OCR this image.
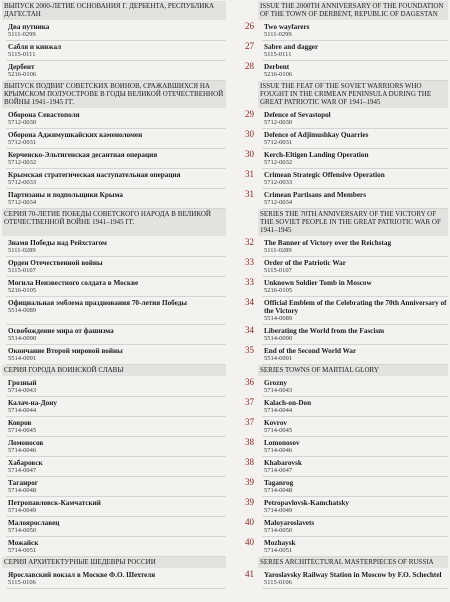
ВЫПУСК 2000-ЛЕТИЕ ОСНОВАНИЯ Г. ДЕРБЕНТА, РЕСПУБЛИКА ДАГЕСТАН
Два путника
5111-0299
Сабля и кинжал
5115-0111
Дербент
5216-0106
ВЫПУСК ПОДВИГ СОВЕТСКИХ ВОИНОВ, СРАЖАВШИХСЯ НА КРЫМСКОМ ПОЛУОСТРОВЕ В ГОДЫ ВЕЛИКОЙ ОТЕЧЕСТВЕННОЙ ВОЙНЫ 1941–1945 ГГ.
Оборона Севастополя
5712-0030
Оборона Аджимушкайских каменоломен
5712-0031
Керченско-Эльтигенская десантная операция
5712-0032
Крымская стратегическая наступательная операция
5712-0033
Партизаны и подпольщики Крыма
5712-0034
СЕРИЯ 70-ЛЕТИЕ ПОБЕДЫ СОВЕТСКОГО НАРОДА В ВЕЛИКОЙ ОТЕЧЕСТВЕННОЙ ВОЙНЕ 1941–1945 ГГ.
Знамя Победы над Рейхстагом
5111-0289
Орден Отечественной войны
5115-0107
Могила Неизвестного солдата в Москве
5216-0105
Официальная эмблема празднования 70-летия Победы
5514-0089
Освобождение мира от фашизма
5514-0090
Окончание Второй мировой войны
5514-0091
СЕРИЯ ГОРОДА ВОИНСКОЙ СЛАВЫ
Грозный
5714-0043
Калач-на-Дону
5714-0044
Ковров
5714-0045
Ломоносов
5714-0046
Хабаровск
5714-0047
Таганрог
5714-0048
Петропавловск-Камчатский
5714-0049
Малоярославец
5714-0050
Можайск
5714-0051
СЕРИЯ АРХИТЕКТУРНЫЕ ШЕДЕВРЫ РОССИИ
Ярославский вокзал в Москве Ф.О. Шехтеля
5115-0106
26
27
28
29
30
30
31
31
32
33
33
34
34
35
36
37
37
38
38
39
39
40
40
41
ISSUE THE 2000TH ANNIVERSARY OF THE FOUNDATION OF THE TOWN OF DERBENT, REPUBLIC OF DAGESTAN
Two wayfarers
5111-0299
Sabre and dagger
5115-0111
Derbent
5216-0106
ISSUE THE FEAT OF THE SOVIET WARRIORS WHO FOUGHT IN THE CRIMEAN PENINSULA DURING THE GREAT PATRIOTIC WAR OF 1941–1945
Defence of Sevastopol
5712-0030
Defence of Adjimushkay Quarries
5712-0031
Kerch-Eltigen Landing Operation
5712-0032
Crimean Strategic Offensive Operation
5712-0033
Crimean Partisans and Members
5712-0034
SERIES THE 70TH ANNIVERSARY OF THE VICTORY OF THE SOVIET PEOPLE IN THE GREAT PATRIOTIC WAR OF 1941–1945
The Banner of Victory over the Reichstag
5111-0289
Order of the Patriotic War
5115-0107
Unknown Soldier Tomb in Moscow
5216-0105
Official Emblem of the Celebrating the 70th Anniversary of the Victory
5514-0089
Liberating the World from the Fascism
5514-0090
End of the Second World War
5514-0091
SERIES TOWNS OF MARTIAL GLORY
Grozny
5714-0043
Kalach-on-Don
5714-0044
Kovrov
5714-0045
Lomonosov
5714-0046
Khabarovsk
5714-0047
Taganrog
5714-0048
Petropavlovsk-Kamchatsky
5714-0049
Maloyaroslavets
5714-0050
Mozhaysk
5714-0051
SERIES ARCHITECTURAL MASTERPIECES OF RUSSIA
Yaroslavsky Railway Station in Moscow by F.O. Schechtel
5115-0106
